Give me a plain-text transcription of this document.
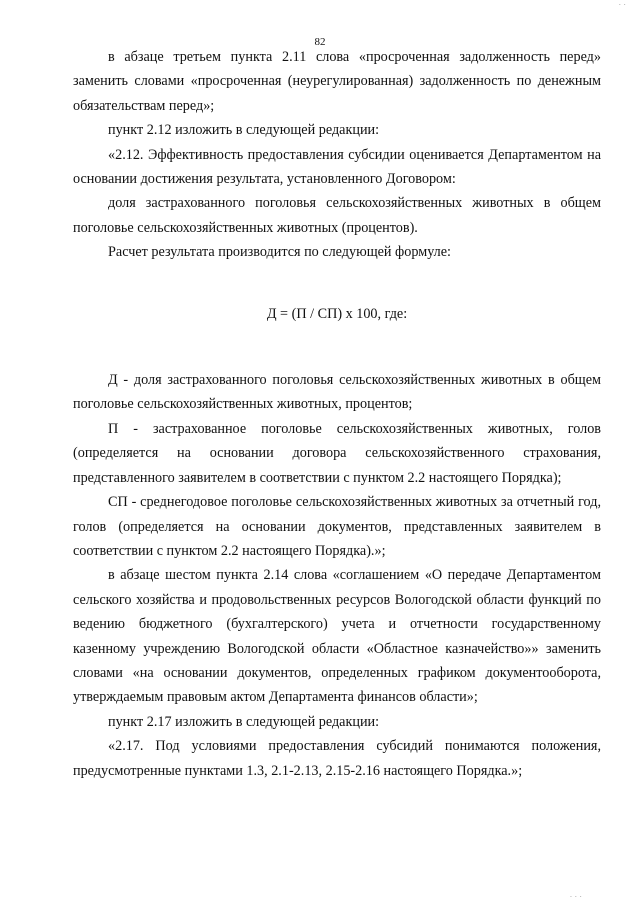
· ·
82

в абзаце третьем пункта 2.11 слова «просроченная задолженность перед» заменить словами «просроченная (неурегулированная) задолженность по денежным обязательствам перед»;

пункт 2.12 изложить в следующей редакции:

«2.12. Эффективность предоставления субсидии оценивается Департаментом на основании достижения результата, установленного Договором:

доля застрахованного поголовья сельскохозяйственных животных в общем поголовье сельскохозяйственных животных (процентов).

Расчет результата производится по следующей формуле:

Д = (П / СП) х 100, где:

Д - доля застрахованного поголовья сельскохозяйственных животных в общем поголовье сельскохозяйственных животных, процентов;

П - застрахованное поголовье сельскохозяйственных животных, голов (определяется на основании договора сельскохозяйственного страхования, представленного заявителем в соответствии с пунктом 2.2 настоящего Порядка);

СП - среднегодовое поголовье сельскохозяйственных животных за отчетный год, голов (определяется на основании документов, представленных заявителем в соответствии с пунктом 2.2 настоящего Порядка).»;

в абзаце шестом пункта 2.14 слова «соглашением «О передаче Департаментом сельского хозяйства и продовольственных ресурсов Вологодской области функций по ведению бюджетного (бухгалтерского) учета и отчетности государственному казенному учреждению Вологодской области «Областное казначейство»» заменить словами «на основании документов, определенных графиком документооборота, утверждаемым правовым актом Департамента финансов области»;

пункт 2.17 изложить в следующей редакции:

«2.17. Под условиями предоставления субсидий понимаются положения, предусмотренные пунктами 1.3, 2.1-2.13, 2.15-2.16 настоящего Порядка.»;

· · ·
